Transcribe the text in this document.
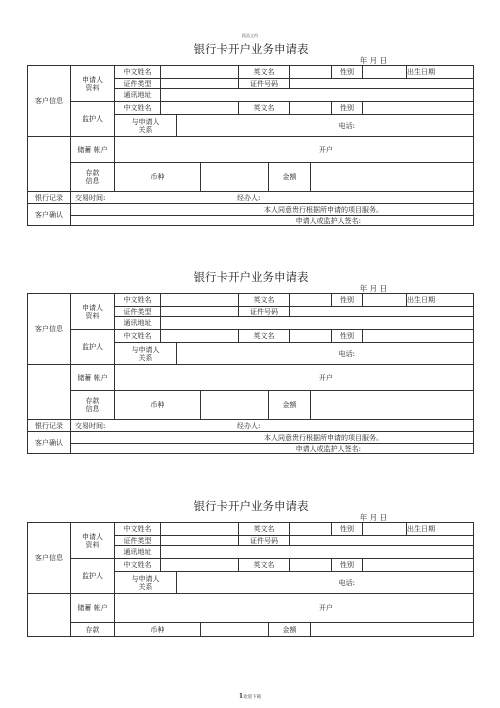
精品文档
银行卡开户业务申请表
年 月 日
中文姓名	英文名	性别	出生日期
证件类型	证件号码
通讯地址
申请人
资料
中文姓名	英文名	性别
与申请人
关系	电话:
监护人
客户信息
储蓄 帐户	开户
存款
信息	币种	金额
银行记录 交易时间:	经办人:
客户确认
本人同意贵行根据所申请的项目服务。
申请人或监护人签名:
银行卡开户业务申请表
年 月 日
中文姓名	英文名	性别	出生日期
证件类型	证件号码
通讯地址
申请人
资料
中文姓名	英文名	性别
与申请人
关系	电话:
监护人
客户信息
储蓄 帐户	开户
存款
信息	币种	金额
银行记录 交易时间:	经办人:
客户确认
本人同意贵行根据所申请的项目服务。
申请人或监护人签名:
银行卡开户业务申请表
年 月 日
中文姓名	英文名	性别	出生日期
证件类型	证件号码
通讯地址
申请人
资料
中文姓名	英文名	性别
与申请人
关系	电话:
监护人
客户信息
储蓄 帐户	开户
存款	币种	金额
1欢迎下载
